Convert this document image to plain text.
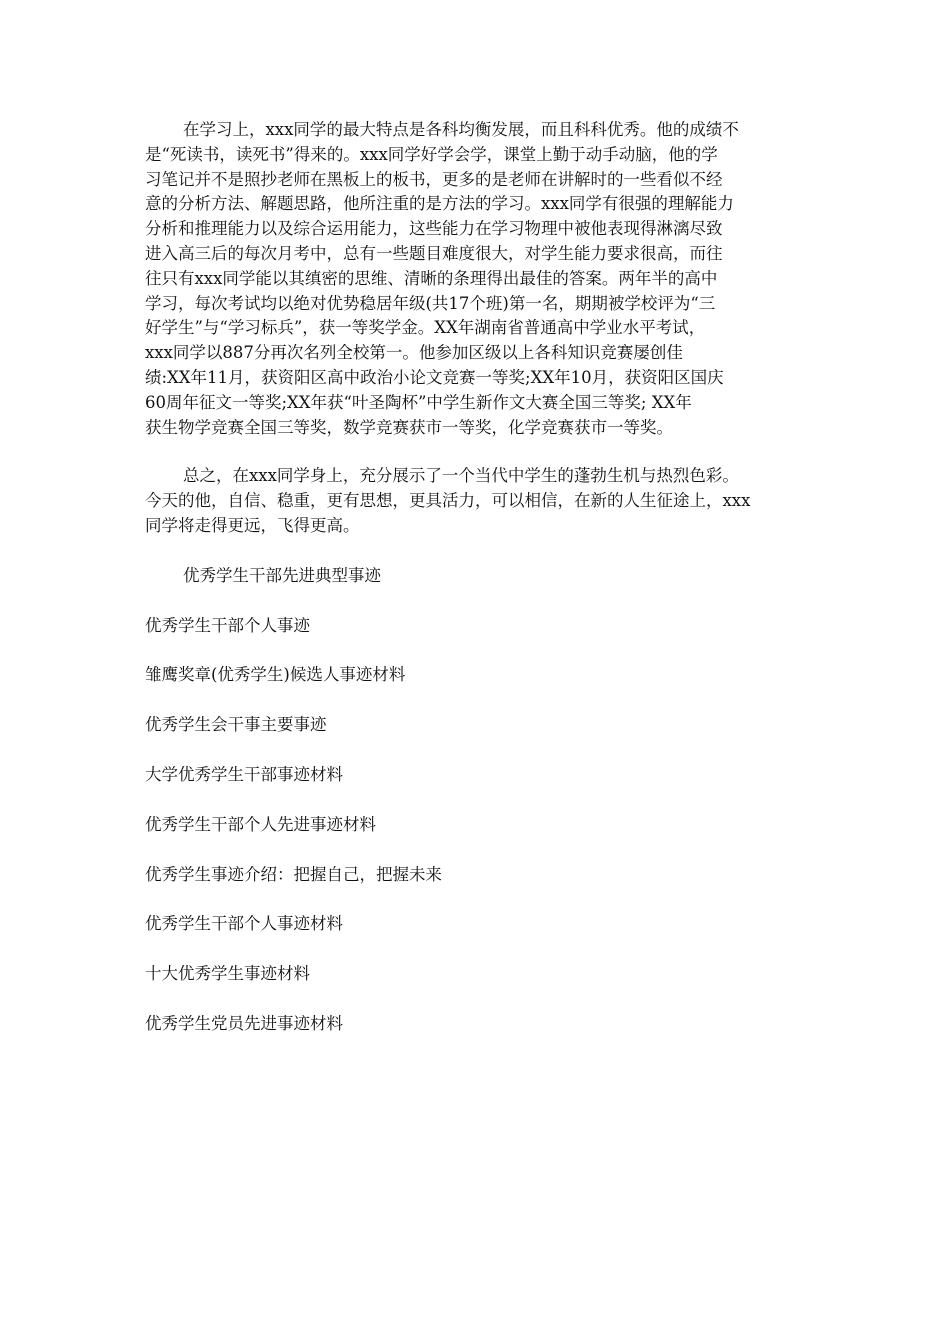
在学习上，xxx同学的最大特点是各科均衡发展，而且科科优秀。他的成绩不
是“死读书，读死书”得来的。xxx同学好学会学，课堂上勤于动手动脑，他的学
习笔记并不是照抄老师在黑板上的板书，更多的是老师在讲解时的一些看似不经
意的分析方法、解题思路，他所注重的是方法的学习。xxx同学有很强的理解能力
分析和推理能力以及综合运用能力，这些能力在学习物理中被他表现得淋漓尽致
进入高三后的每次月考中，总有一些题目难度很大，对学生能力要求很高，而往
往只有xxx同学能以其缜密的思维、清晰的条理得出最佳的答案。两年半的高中
学习，每次考试均以绝对优势稳居年级(共17个班)第一名，期期被学校评为“三
好学生”与“学习标兵”，获一等奖学金。XX年湖南省普通高中学业水平考试，
xxx同学以887分再次名列全校第一。他参加区级以上各科知识竞赛屡创佳
绩:XX年11月，获资阳区高中政治小论文竞赛一等奖;XX年10月，获资阳区国庆
60周年征文一等奖;XX年获“叶圣陶杯”中学生新作文大赛全国三等奖; XX年
获生物学竞赛全国三等奖，数学竞赛获市一等奖，化学竞赛获市一等奖。

总之，在xxx同学身上，充分展示了一个当代中学生的蓬勃生机与热烈色彩。
今天的他，自信、稳重，更有思想，更具活力，可以相信，在新的人生征途上，xxx
同学将走得更远，飞得更高。

优秀学生干部先进典型事迹
优秀学生干部个人事迹
雏鹰奖章(优秀学生)候选人事迹材料
优秀学生会干事主要事迹
大学优秀学生干部事迹材料
优秀学生干部个人先进事迹材料
优秀学生事迹介绍：把握自己，把握未来
优秀学生干部个人事迹材料
十大优秀学生事迹材料
优秀学生党员先进事迹材料
